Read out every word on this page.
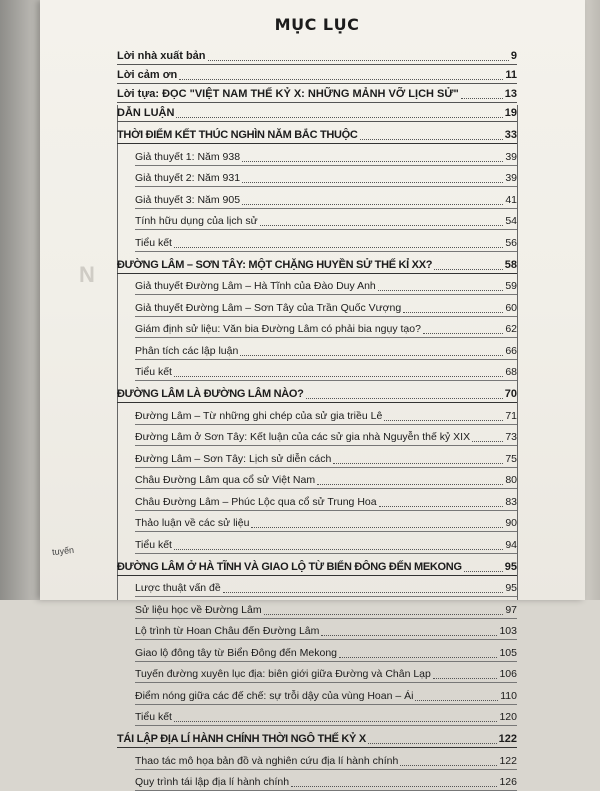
N
tuyến
MỤC LỤC
Lời nhà xuất bản	9
Lời cảm ơn	11
Lời tựa: ĐỌC "VIỆT NAM THẾ KỶ X: NHỮNG MẢNH VỠ LỊCH SỬ"	13
DẪN LUẬN	19
THỜI ĐIỂM KẾT THÚC NGHÌN NĂM BẮC THUỘC	33
Giả thuyết 1: Năm 938	39
Giả thuyết 2: Năm 931	39
Giả thuyết 3: Năm 905	41
Tính hữu dụng của lịch sử	54
Tiểu kết	56
ĐƯỜNG LÂM – SƠN TÂY: MỘT CHẶNG HUYỀN SỬ THẾ KỈ XX?	58
Giả thuyết Đường Lâm – Hà Tĩnh của Đào Duy Anh	59
Giả thuyết Đường Lâm – Sơn Tây của Trần Quốc Vượng	60
Giám định sử liệu: Văn bia Đường Lâm có phải bia ngụy tạo?	62
Phân tích các lập luận	66
Tiểu kết	68
ĐƯỜNG LÂM LÀ ĐƯỜNG LÂM NÀO?	70
Đường Lâm – Từ những ghi chép của sử gia triều Lê	71
Đường Lâm ở Sơn Tây: Kết luận của các sử gia nhà Nguyễn thế kỷ XIX	73
Đường Lâm – Sơn Tây: Lịch sử diễn cách	75
Châu Đường Lâm qua cổ sử Việt Nam	80
Châu Đường Lâm – Phúc Lộc qua cổ sử Trung Hoa	83
Thảo luận về các sử liệu	90
Tiểu kết	94
ĐƯỜNG LÂM Ở HÀ TĨNH VÀ GIAO LỘ TỪ BIỂN ĐÔNG ĐẾN MEKONG	95
Lược thuật vấn đề	95
Sử liệu học về Đường Lâm	97
Lộ trình từ Hoan Châu đến Đường Lâm	103
Giao lộ đông tây từ Biển Đông đến Mekong	105
Tuyến đường xuyên lục địa: biên giới giữa Đường và Chân Lạp	106
Điểm nóng giữa các đế chế: sự trỗi dậy của vùng Hoan – Ái	110
Tiểu kết	120
TÁI LẬP ĐỊA LÍ HÀNH CHÍNH THỜI NGÔ THẾ KỶ X	122
Thao tác mô họa bản đồ và nghiên cứu địa lí hành chính	122
Quy trình tái lập địa lí hành chính	126
